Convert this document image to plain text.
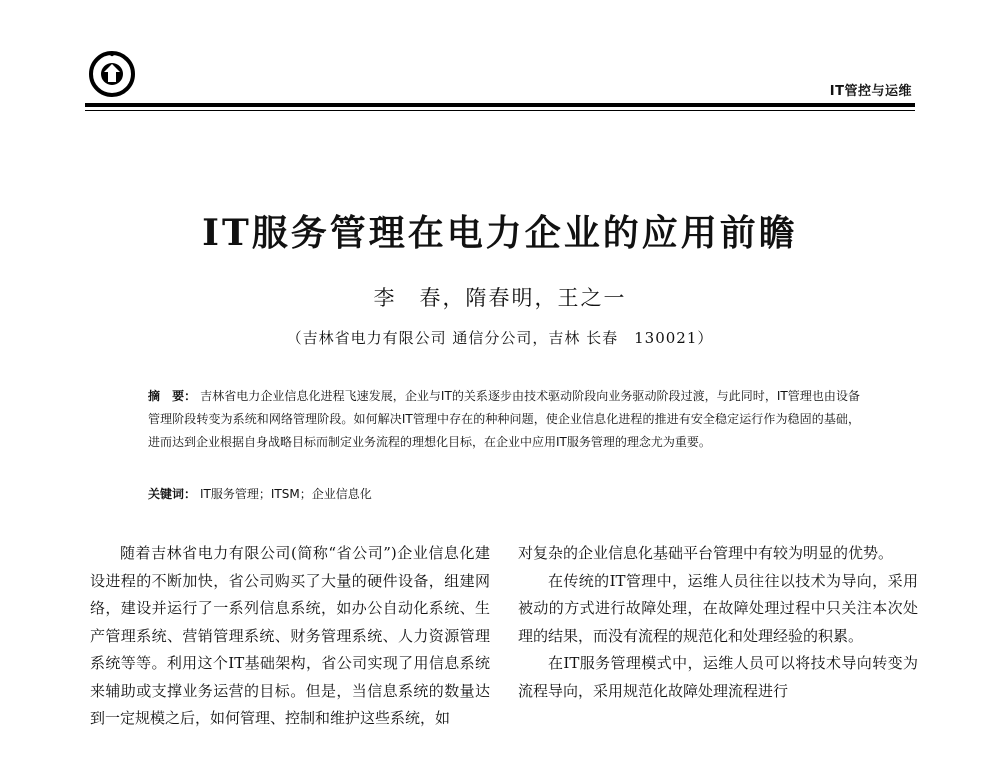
IT管控与运维
IT服务管理在电力企业的应用前瞻
李　春，隋春明，王之一
（吉林省电力有限公司 通信分公司，吉林 长春　130021）
摘　要： 吉林省电力企业信息化进程飞速发展，企业与IT的关系逐步由技术驱动阶段向业务驱动阶段过渡，与此同时，IT管理也由设备管理阶段转变为系统和网络管理阶段。如何解决IT管理中存在的种种问题，使企业信息化进程的推进有安全稳定运行作为稳固的基础，进而达到企业根据自身战略目标而制定业务流程的理想化目标，在企业中应用IT服务管理的理念尤为重要。
关键词： IT服务管理；ITSM；企业信息化

随着吉林省电力有限公司(简称“省公司”)企业信息化建设进程的不断加快，省公司购买了大量的硬件设备，组建网络，建设并运行了一系列信息系统，如办公自动化系统、生产管理系统、营销管理系统、财务管理系统、人力资源管理系统等等。利用这个IT基础架构，省公司实现了用信息系统来辅助或支撑业务运营的目标。但是，当信息系统的数量达到一定规模之后，如何管理、控制和维护这些系统，如

对复杂的企业信息化基础平台管理中有较为明显的优势。

在传统的IT管理中，运维人员往往以技术为导向，采用被动的方式进行故障处理，在故障处理过程中只关注本次处理的结果，而没有流程的规范化和处理经验的积累。

在IT服务管理模式中，运维人员可以将技术导向转变为流程导向，采用规范化故障处理流程进行
